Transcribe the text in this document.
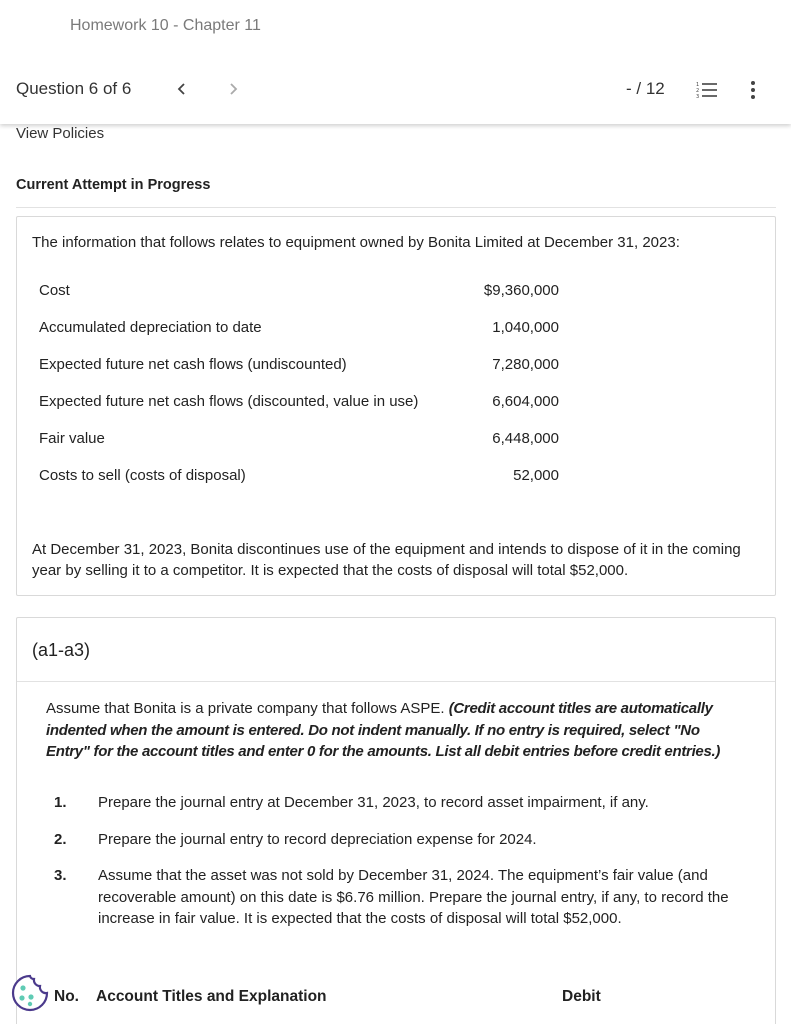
Homework 10 - Chapter 11
Question 6 of 6	- / 12	1
2
3
View Policies
Current Attempt in Progress
The information that follows relates to equipment owned by Bonita Limited at December 31, 2023:
Cost	$9,360,000
Accumulated depreciation to date	1,040,000
Expected future net cash flows (undiscounted)	7,280,000
Expected future net cash flows (discounted, value in use)	6,604,000
Fair value	6,448,000
Costs to sell (costs of disposal)	52,000
At December 31, 2023, Bonita discontinues use of the equipment and intends to dispose of it in the coming year by selling it to a competitor. It is expected that the costs of disposal will total $52,000.
(a1-a3)
Assume that Bonita is a private company that follows ASPE. (Credit account titles are automatically indented when the amount is entered. Do not indent manually. If no entry is required, select "No Entry" for the account titles and enter 0 for the amounts. List all debit entries before credit entries.)
1. Prepare the journal entry at December 31, 2023, to record asset impairment, if any.
2. Prepare the journal entry to record depreciation expense for 2024.
3. Assume that the asset was not sold by December 31, 2024. The equipment’s fair value (and recoverable amount) on this date is $6.76 million. Prepare the journal entry, if any, to record the increase in fair value. It is expected that the costs of disposal will total $52,000.
No. Account Titles and Explanation	Debit
